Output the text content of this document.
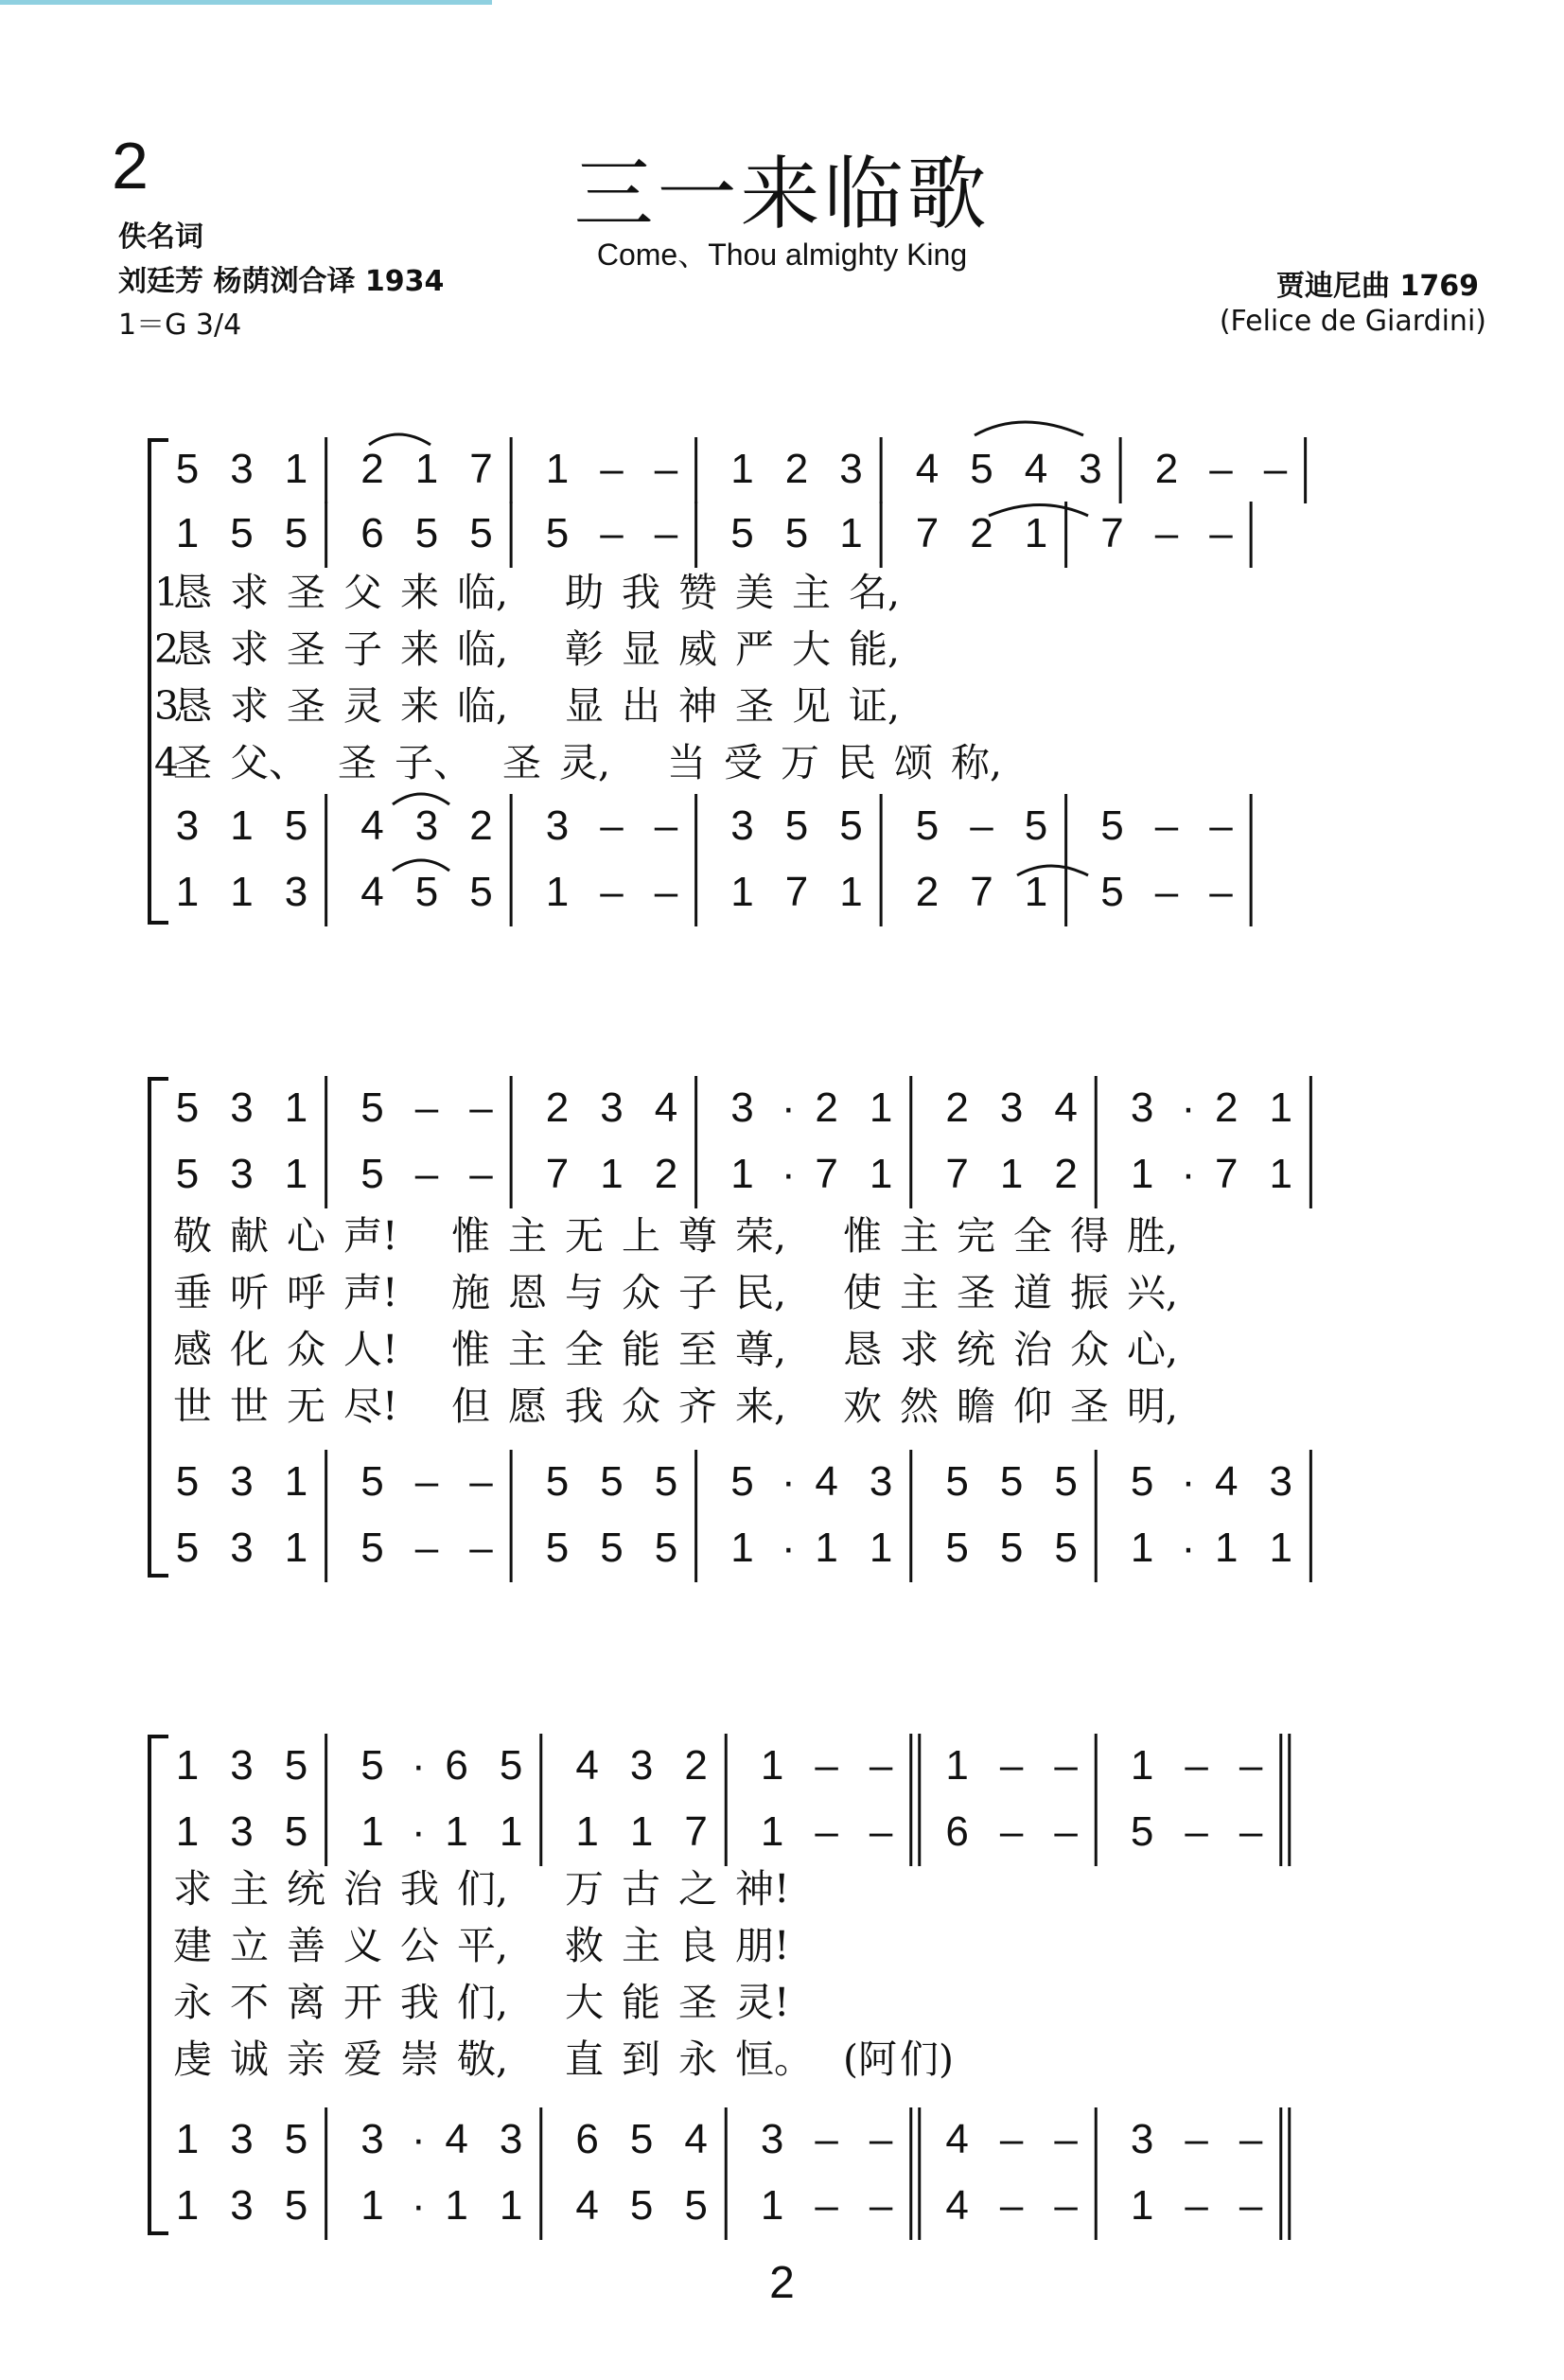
2	三一来临歌
Come、Thou almighty King
佚名词
刘廷芳 杨荫浏合译 1934
1＝G 3/4
贾迪尼曲 1769
(Felice de Giardini)
5 3 1 2 1 7 1 – – 1 2 3 4 5 4 3 2 – –
1 5 5 6 5 5 5 – – 5 5 1 7 2 1 7 – –
3 1 5 4 3 2 3 – – 3 5 5 5 – 5 5 – –
1 1 3 4 5 5 1 – – 1 7 1 2 7 1 5 – –
1
恳 求 圣 父 来 临, 助 我 赞 美 主 名,
2
恳 求 圣 子 来 临, 彰 显 威 严 大 能,
3
恳 求 圣 灵 来 临, 显 出 神 圣 见 证,
4
圣 父、 圣 子、 圣 灵, 当 受 万 民 颂 称,
5 3 1 5 – – 2 3 4 3 · 2 1 2 3 4 3 · 2 1
5 3 1 5 – – 7 1 2 1 · 7 1 7 1 2 1 · 7 1
5 3 1 5 – – 5 5 5 5 · 4 3 5 5 5 5 · 4 3
5 3 1 5 – – 5 5 5 1 · 1 1 5 5 5 1 · 1 1
敬 献 心 声! 惟 主 无 上 尊 荣, 惟 主 完 全 得 胜,
垂 听 呼 声! 施 恩 与 众 子 民, 使 主 圣 道 振 兴,
感 化 众 人! 惟 主 全 能 至 尊, 恳 求 统 治 众 心,
世 世 无 尽! 但 愿 我 众 齐 来, 欢 然 瞻 仰 圣 明,
1 3 5 5 · 6 5 4 3 2 1 – – 1 – – 1 – –
1 3 5 1 · 1 1 1 1 7 1 – – 6 – – 5 – –
1 3 5 3 · 4 3 6 5 4 3 – – 4 – – 3 – –
1 3 5 1 · 1 1 4 5 5 1 – – 4 – – 1 – –
求 主 统 治 我 们, 万 古 之 神!
建 立 善 义 公 平, 救 主 良 朋!
永 不 离 开 我 们, 大 能 圣 灵!
虔 诚 亲 爱 崇 敬, 直 到 永 恒。 (阿 们)
2
